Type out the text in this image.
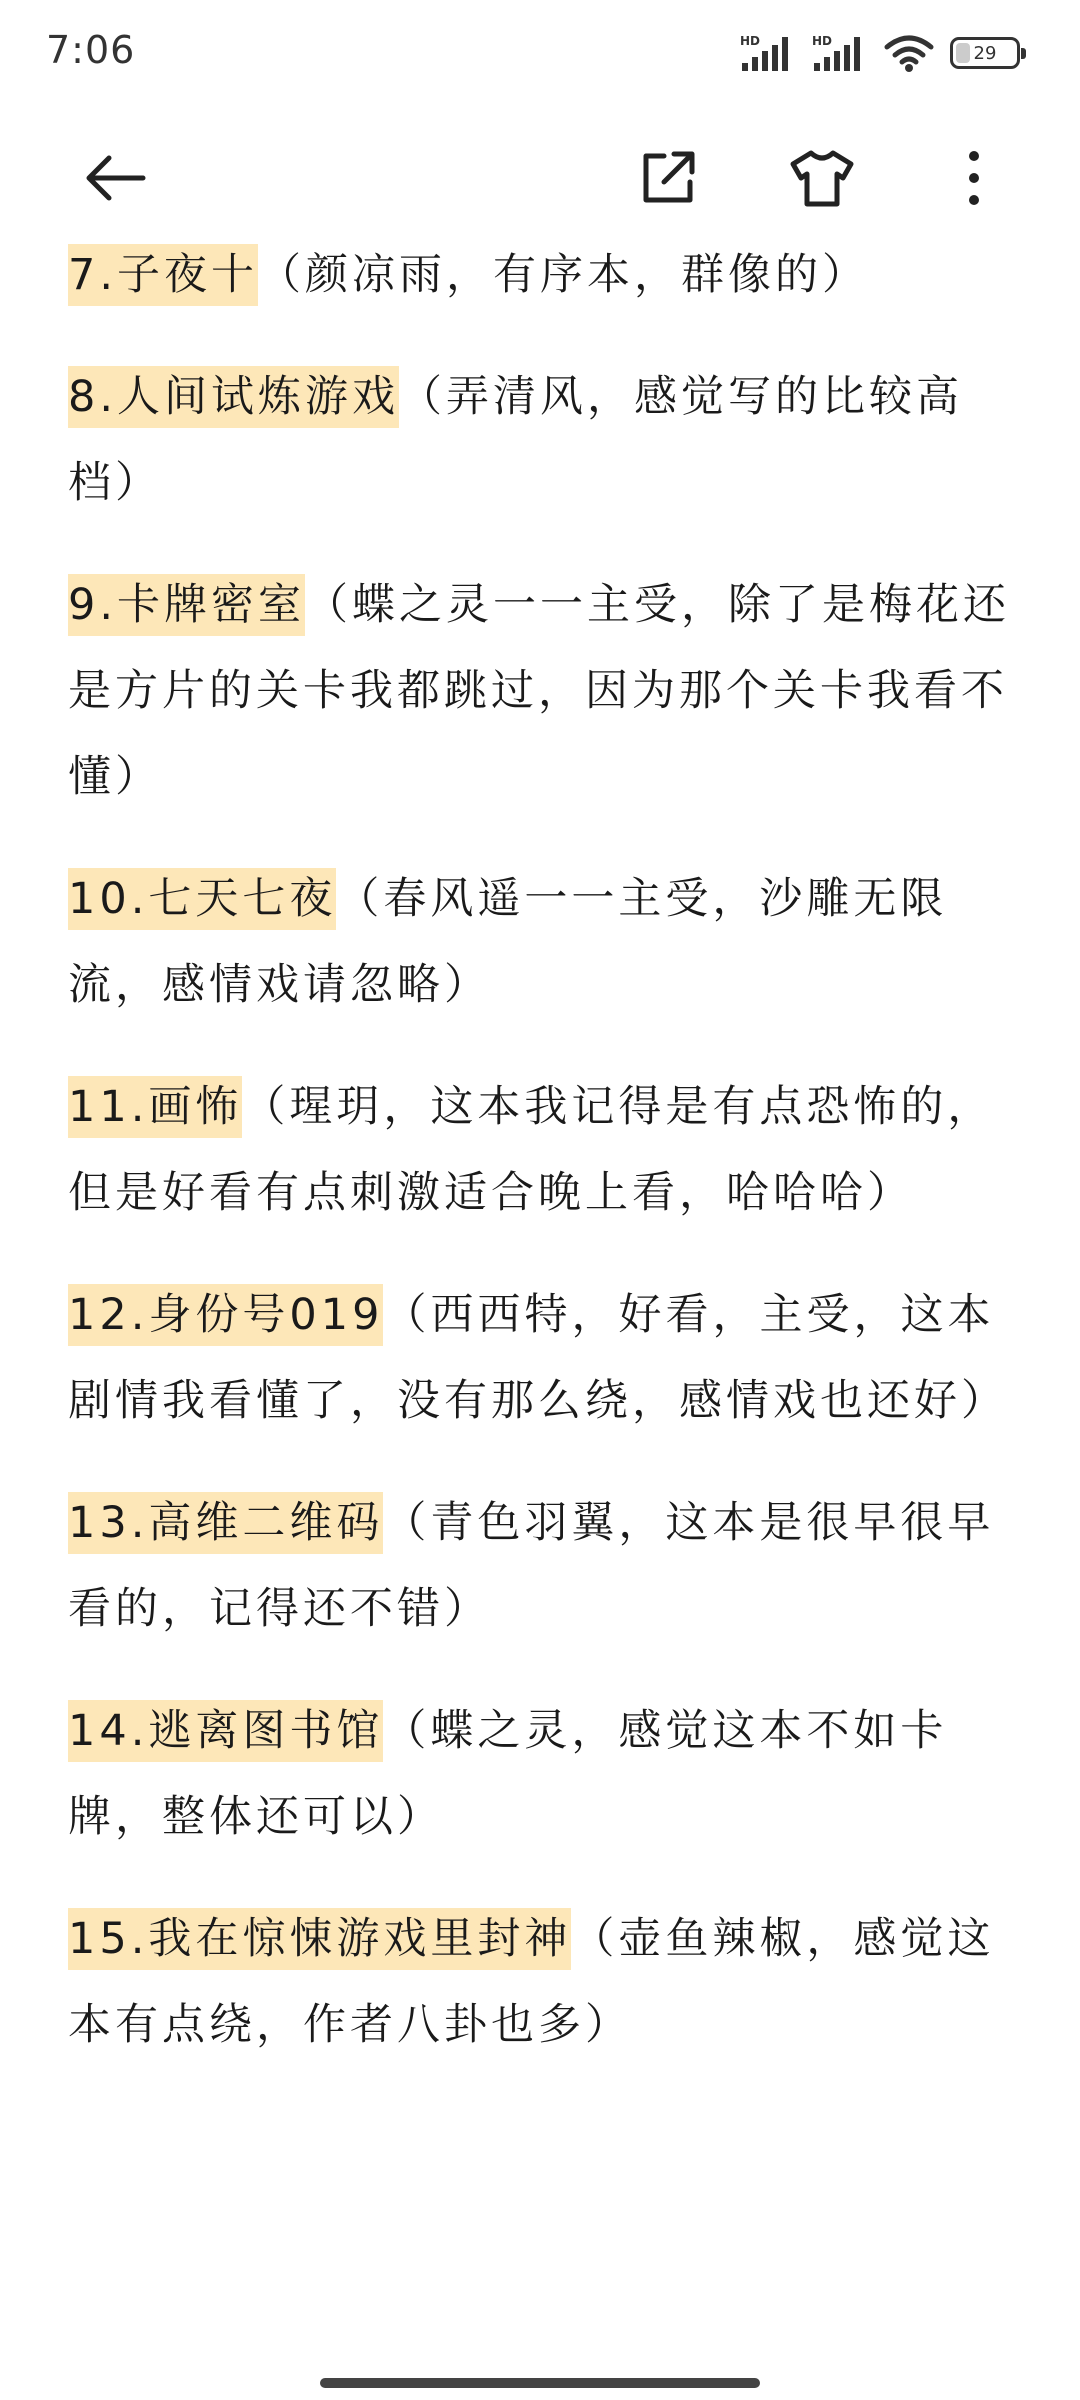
7:06	HD	HD
29
7.子夜十（颜凉雨，有序本，群像的）
8.人间试炼游戏（弄清风，感觉写的比较高档）
9.卡牌密室（蝶之灵一一主受，除了是梅花还是方片的关卡我都跳过，因为那个关卡我看不懂）
10.七天七夜（春风遥一一主受，沙雕无限流，感情戏请忽略）
11.画怖（瑆玥，这本我记得是有点恐怖的，但是好看有点刺激适合晚上看，哈哈哈）
12.身份号019（西西特，好看，主受，这本剧情我看懂了，没有那么绕，感情戏也还好）
13.高维二维码（青色羽翼，这本是很早很早看的，记得还不错）
14.逃离图书馆（蝶之灵，感觉这本不如卡牌，整体还可以）
15.我在惊悚游戏里封神（壶鱼辣椒，感觉这本有点绕，作者八卦也多）
